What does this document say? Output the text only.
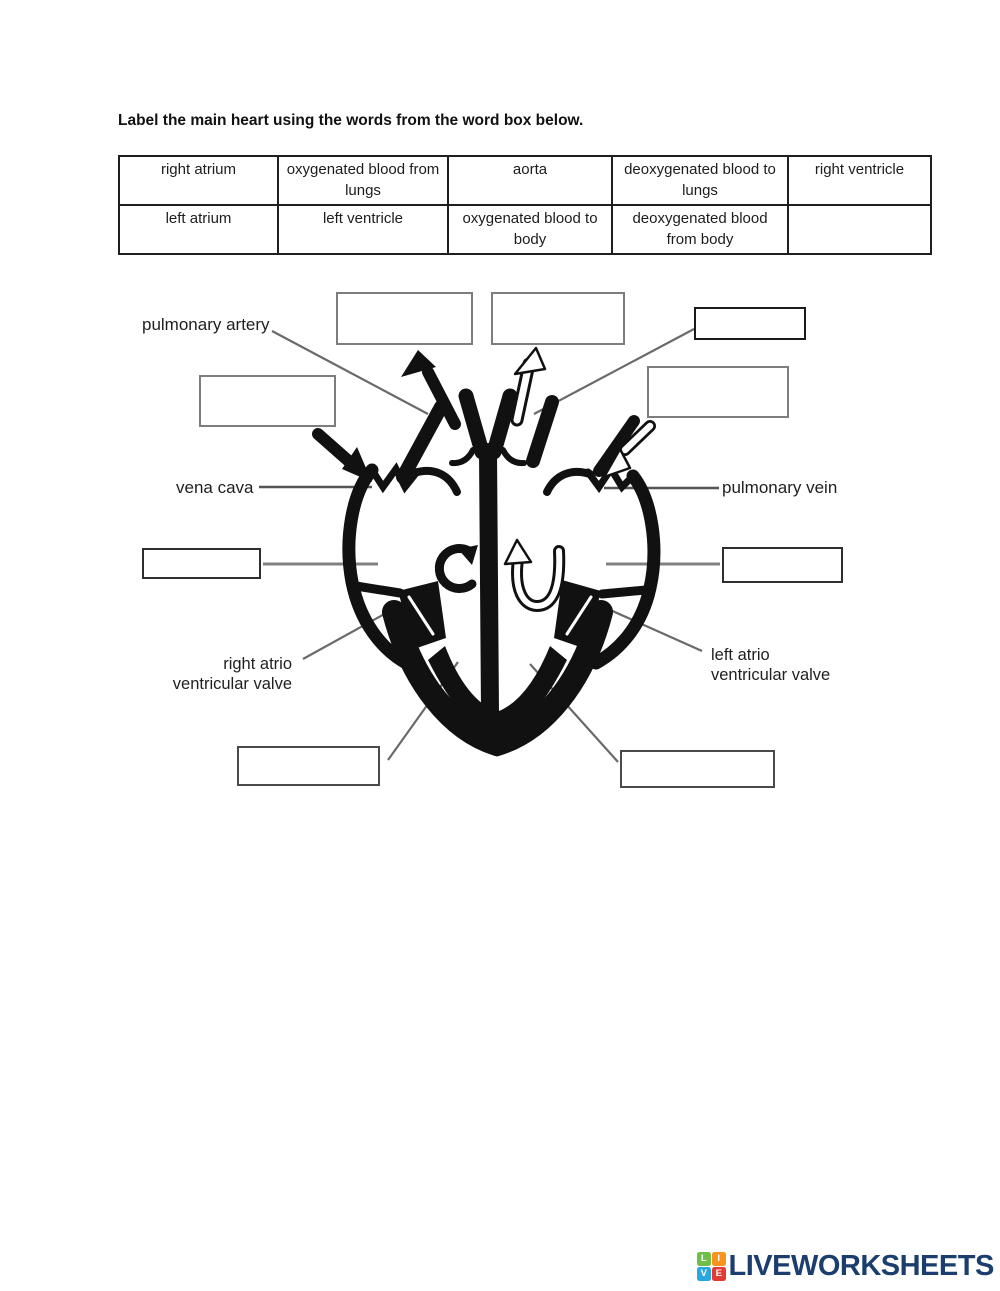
Label the main heart using the words from the word box below.
right atrium	oxygenated blood from lungs	aorta	deoxygenated blood to lungs	right ventricle
left atrium	left ventricle	oxygenated blood to body	deoxygenated blood from body	
pulmonary artery
vena cava	pulmonary vein
right atrio
ventricular valve
left atrio
ventricular valve
L	I
V E LIVEWORKSHEETS
